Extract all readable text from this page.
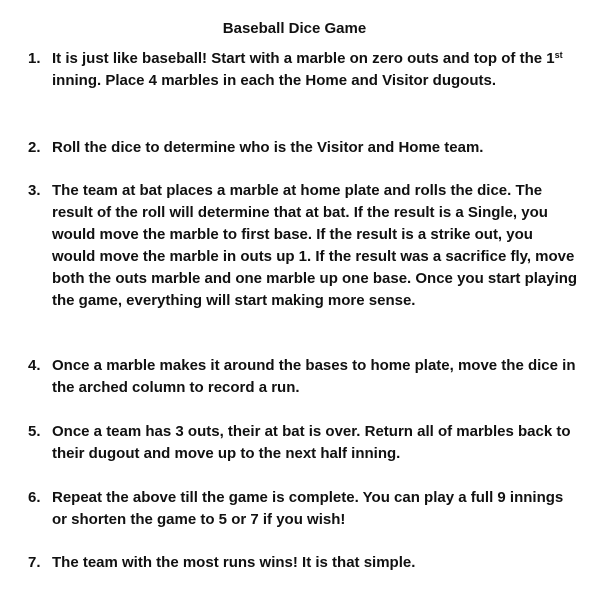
Baseball Dice Game
1. It is just like baseball! Start with a marble on zero outs and top of the 1st inning. Place 4 marbles in each the Home and Visitor dugouts.
2. Roll the dice to determine who is the Visitor and Home team.
3. The team at bat places a marble at home plate and rolls the dice. The result of the roll will determine that at bat. If the result is a Single, you would move the marble to first base. If the result is a strike out, you would move the marble in outs up 1. If the result was a sacrifice fly, move both the outs marble and one marble up one base. Once you start playing the game, everything will start making more sense.
4. Once a marble makes it around the bases to home plate, move the dice in the arched column to record a run.
5. Once a team has 3 outs, their at bat is over. Return all of marbles back to their dugout and move up to the next half inning.
6. Repeat the above till the game is complete. You can play a full 9 innings or shorten the game to 5 or 7 if you wish!
7. The team with the most runs wins! It is that simple.
